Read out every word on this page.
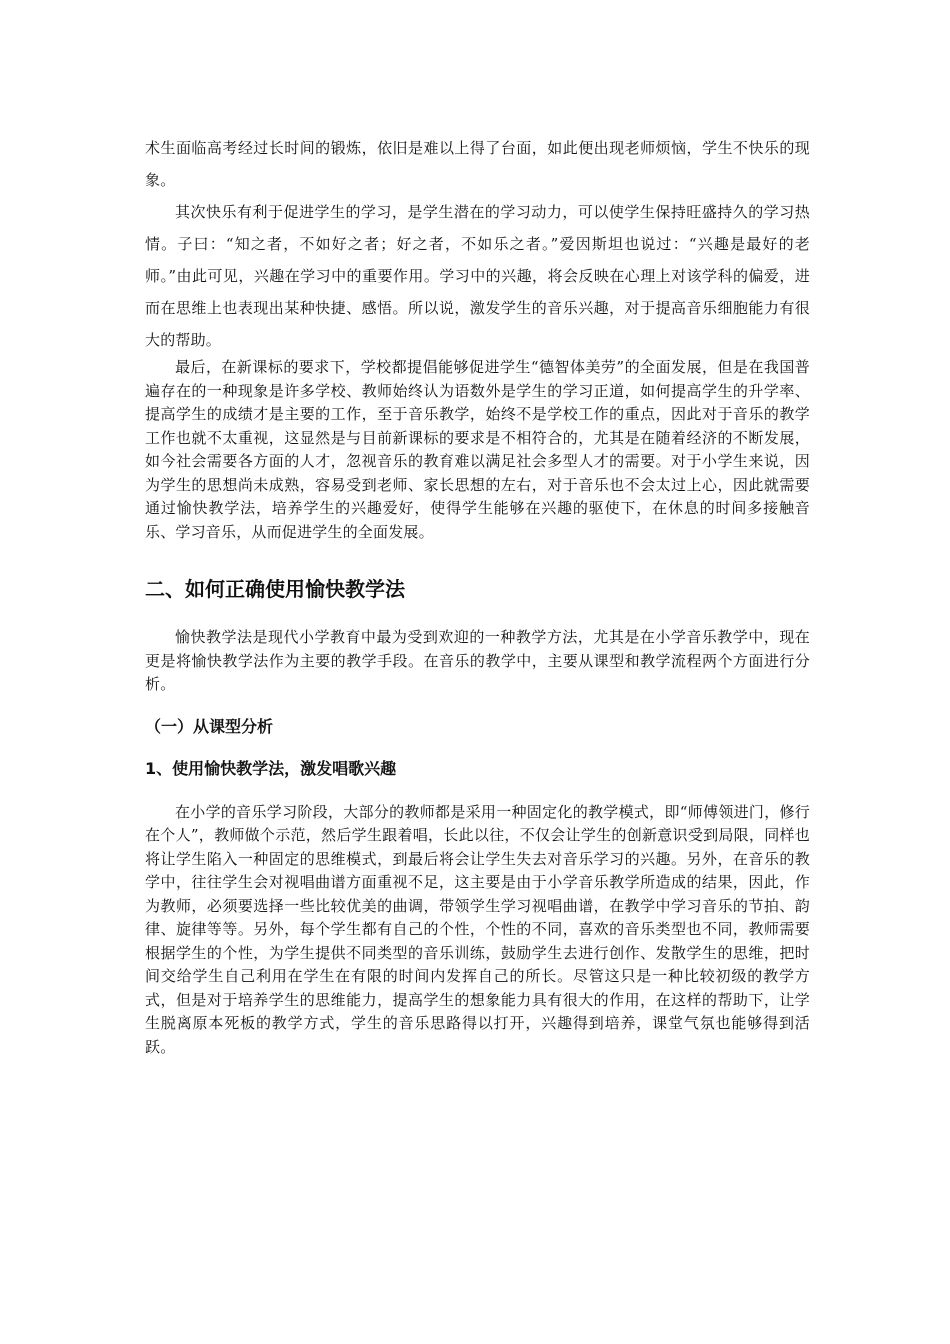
术生面临高考经过长时间的锻炼，依旧是难以上得了台面，如此便出现老师烦恼，学生不快乐的现象。

其次快乐有利于促进学生的学习，是学生潜在的学习动力，可以使学生保持旺盛持久的学习热情。子曰：“知之者，不如好之者；好之者，不如乐之者。”爱因斯坦也说过：“兴趣是最好的老师。”由此可见，兴趣在学习中的重要作用。学习中的兴趣，将会反映在心理上对该学科的偏爱，进而在思维上也表现出某种快捷、感悟。所以说，激发学生的音乐兴趣，对于提高音乐细胞能力有很大的帮助。

最后，在新课标的要求下，学校都提倡能够促进学生“德智体美劳”的全面发展，但是在我国普遍存在的一种现象是许多学校、教师始终认为语数外是学生的学习正道，如何提高学生的升学率、提高学生的成绩才是主要的工作，至于音乐教学，始终不是学校工作的重点，因此对于音乐的教学工作也就不太重视，这显然是与目前新课标的要求是不相符合的，尤其是在随着经济的不断发展，如今社会需要各方面的人才，忽视音乐的教育难以满足社会多型人才的需要。对于小学生来说，因为学生的思想尚未成熟，容易受到老师、家长思想的左右，对于音乐也不会太过上心，因此就需要通过愉快教学法，培养学生的兴趣爱好，使得学生能够在兴趣的驱使下，在休息的时间多接触音乐、学习音乐，从而促进学生的全面发展。

二、如何正确使用愉快教学法

愉快教学法是现代小学教育中最为受到欢迎的一种教学方法，尤其是在小学音乐教学中，现在更是将愉快教学法作为主要的教学手段。在音乐的教学中，主要从课型和教学流程两个方面进行分析。

（一）从课型分析
1、使用愉快教学法，激发唱歌兴趣

在小学的音乐学习阶段，大部分的教师都是采用一种固定化的教学模式，即“师傅领进门，修行在个人”，教师做个示范，然后学生跟着唱，长此以往，不仅会让学生的创新意识受到局限，同样也将让学生陷入一种固定的思维模式，到最后将会让学生失去对音乐学习的兴趣。另外，在音乐的教学中，往往学生会对视唱曲谱方面重视不足，这主要是由于小学音乐教学所造成的结果，因此，作为教师，必须要选择一些比较优美的曲调，带领学生学习视唱曲谱，在教学中学习音乐的节拍、韵律、旋律等等。另外，每个学生都有自己的个性，个性的不同，喜欢的音乐类型也不同，教师需要根据学生的个性，为学生提供不同类型的音乐训练，鼓励学生去进行创作、发散学生的思维，把时间交给学生自己利用在学生在有限的时间内发挥自己的所长。尽管这只是一种比较初级的教学方式，但是对于培养学生的思维能力，提高学生的想象能力具有很大的作用，在这样的帮助下，让学生脱离原本死板的教学方式，学生的音乐思路得以打开，兴趣得到培养，课堂气氛也能够得到活跃。
